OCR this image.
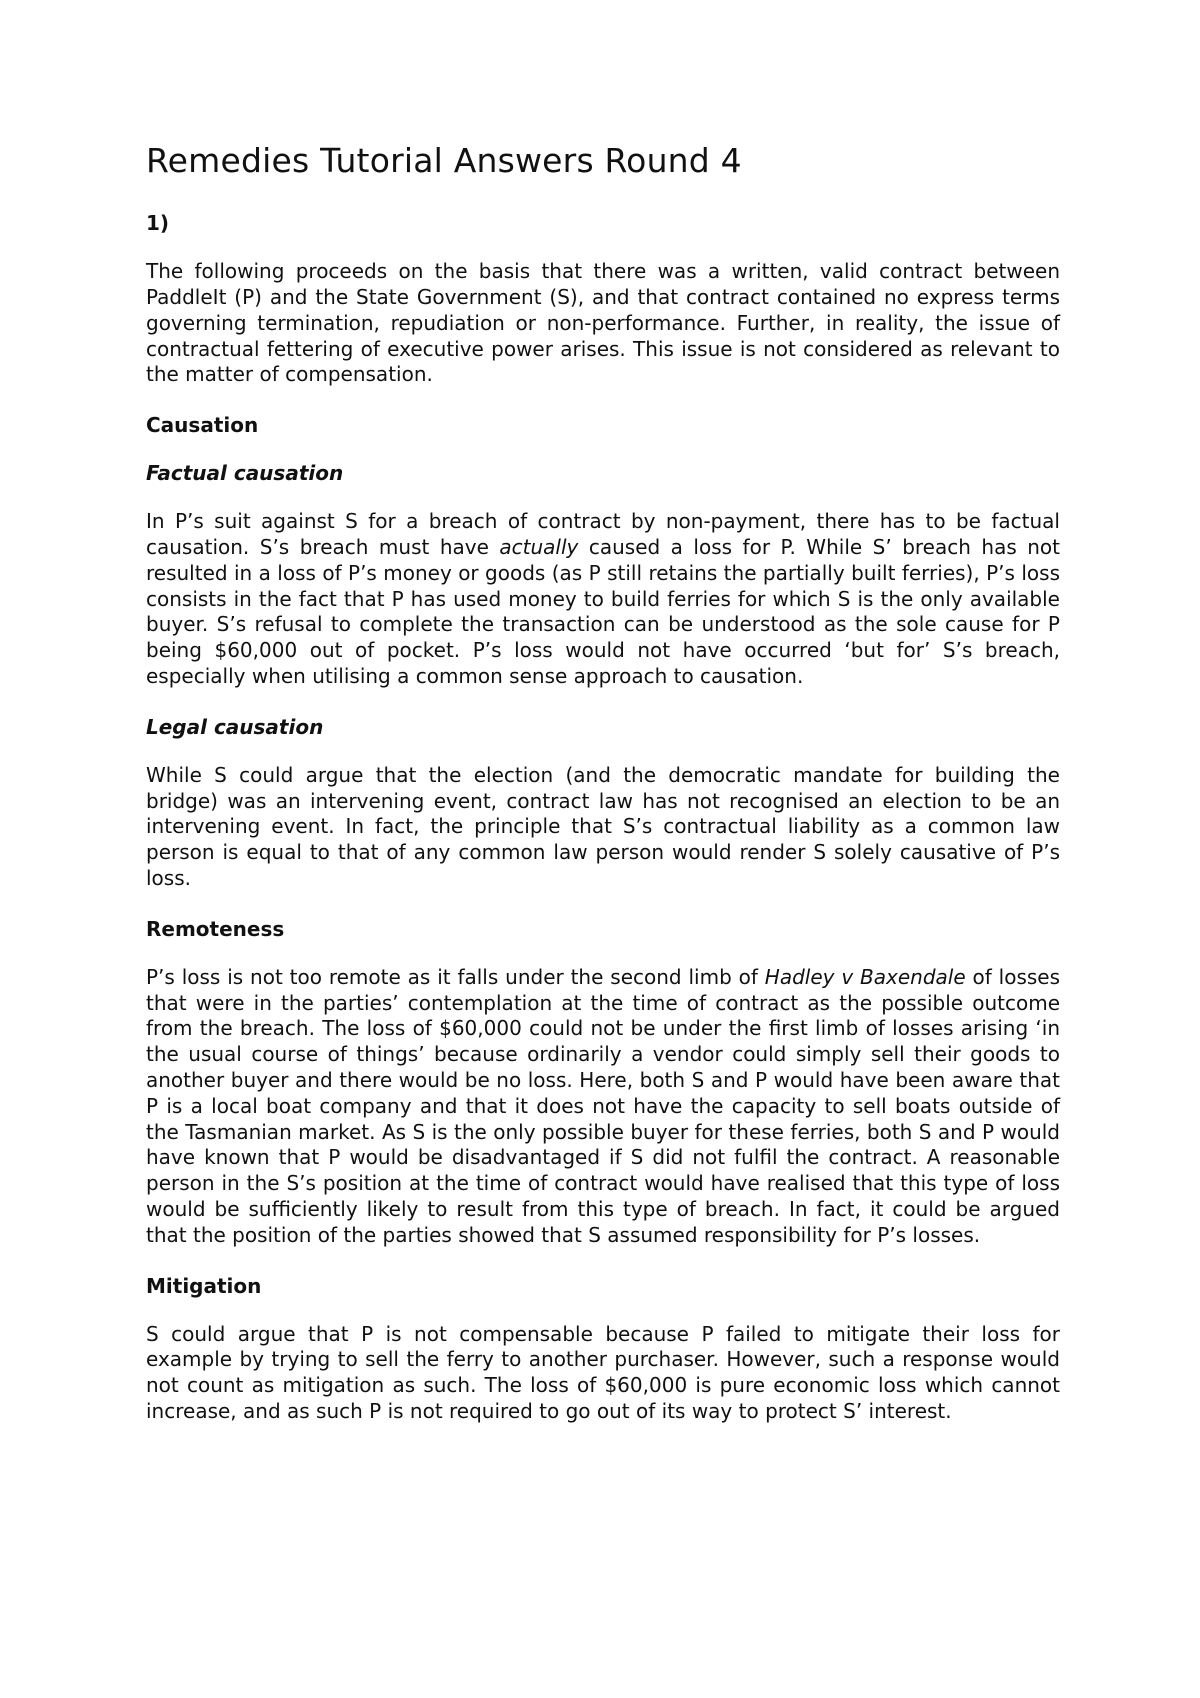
Remedies Tutorial Answers Round 4
1)

The following proceeds on the basis that there was a written, valid contract between PaddleIt (P) and the State Government (S), and that contract contained no express terms governing termination, repudiation or non-performance. Further, in reality, the issue of contractual fettering of executive power arises. This issue is not considered as relevant to the matter of compensation.

Causation
Factual causation

In P’s suit against S for a breach of contract by non-payment, there has to be factual causation. S’s breach must have actually caused a loss for P. While S’ breach has not resulted in a loss of P’s money or goods (as P still retains the partially built ferries), P’s loss consists in the fact that P has used money to build ferries for which S is the only available buyer. S’s refusal to complete the transaction can be understood as the sole cause for P being $60,000 out of pocket. P’s loss would not have occurred ‘but for’ S’s breach, especially when utilising a common sense approach to causation.

Legal causation

While S could argue that the election (and the democratic mandate for building the bridge) was an intervening event, contract law has not recognised an election to be an intervening event. In fact, the principle that S’s contractual liability as a common law person is equal to that of any common law person would render S solely causative of P’s loss.

Remoteness

P’s loss is not too remote as it falls under the second limb of Hadley v Baxendale of losses that were in the parties’ contemplation at the time of contract as the possible outcome from the breach. The loss of $60,000 could not be under the first limb of losses arising ‘in the usual course of things’ because ordinarily a vendor could simply sell their goods to another buyer and there would be no loss. Here, both S and P would have been aware that P is a local boat company and that it does not have the capacity to sell boats outside of the Tasmanian market. As S is the only possible buyer for these ferries, both S and P would have known that P would be disadvantaged if S did not fulfil the contract. A reasonable person in the S’s position at the time of contract would have realised that this type of loss would be sufficiently likely to result from this type of breach. In fact, it could be argued that the position of the parties showed that S assumed responsibility for P’s losses.

Mitigation

S could argue that P is not compensable because P failed to mitigate their loss for example by trying to sell the ferry to another purchaser. However, such a response would not count as mitigation as such. The loss of $60,000 is pure economic loss which cannot increase, and as such P is not required to go out of its way to protect S’ interest.
